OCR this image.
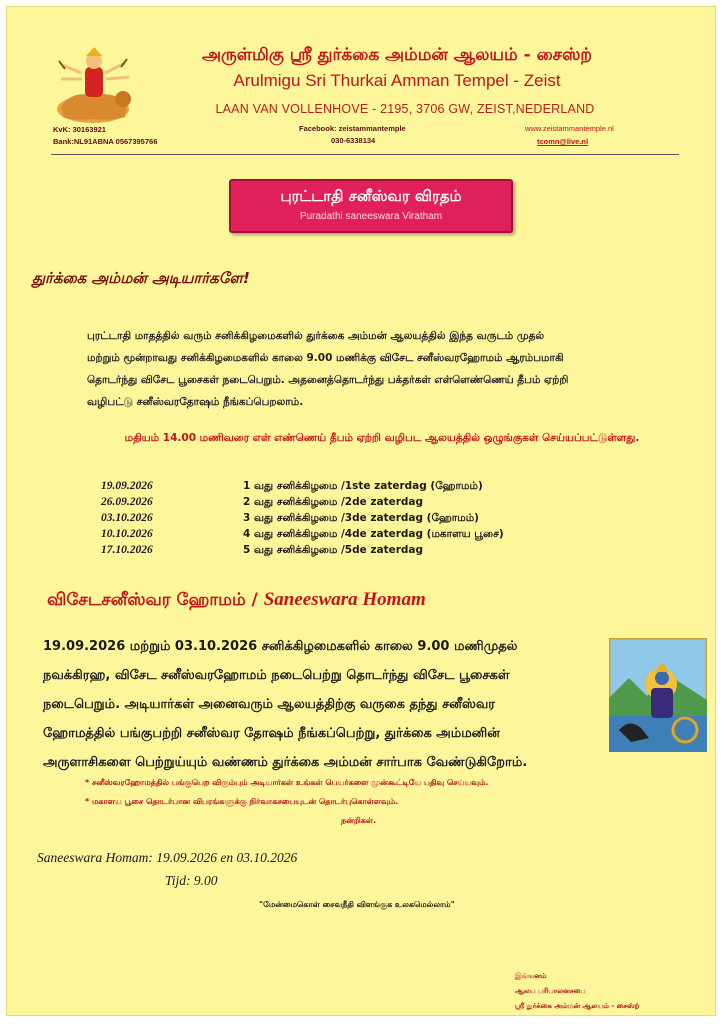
அருள்மிகு ஸ்ரீ துர்க்கை அம்மன் ஆலயம் - சைஸ்ற்
Arulmigu Sri Thurkai Amman Tempel - Zeist
LAAN VAN VOLLENHOVE - 2195, 3706 GW, ZEIST,NEDERLAND
KvK: 30163921
Bank:NL91ABNA 0567395766
Facebook: zeistammantemple
030-6338134
www.zeistammantemple.nl
tcomn@live.nl
புரட்டாதி சனீஸ்வர விரதம்
Puradathi saneeswara Viratham
துர்க்கை அம்மன் அடியார்களே!
புரட்டாதி மாதத்தில் வரும் சனிக்கிழமைகளில் துர்க்கை அம்மன் ஆலயத்தில் இந்த வருடம் முதல்
மற்றும் மூன்றாவது சனிக்கிழமைகளில் காலை 9.00 மணிக்கு விசேட சனீஸ்வரஹோமம் ஆரம்பமாகி
தொடர்ந்து விசேட பூசைகள் நடைபெறும். அதனைத்தொடர்ந்து பக்தர்கள் எள்ளெண்ணெய் தீபம் ஏற்றி
வழிபட்டு சனீஸ்வரதோஷம் நீங்கப்பெறலாம்.
மதியம் 14.00 மணிவரை எள் எண்ணெய் தீபம் ஏற்றி வழிபட ஆலயத்தில் ஒழுங்குகள் செய்யப்பட்டுள்ளது.
19.09.2026	1 வது சனிக்கிழமை /1ste zaterdag (ஹோமம்)
26.09.2026	2 வது சனிக்கிழமை /2de zaterdag
03.10.2026	3 வது சனிக்கிழமை /3de zaterdag (ஹோமம்)
10.10.2026	4 வது சனிக்கிழமை /4de zaterdag (மகாளய பூசை)
17.10.2026	5 வது சனிக்கிழமை /5de zaterdag
விசேடசனீஸ்வர ஹோமம் / Saneeswara Homam
19.09.2026 மற்றும் 03.10.2026 சனிக்கிழமைகளில் காலை 9.00 மணிமுதல்
நவக்கிரஹ, விசேட சனீஸ்வரஹோமம் நடைபெற்று தொடர்ந்து விசேட பூசைகள்
நடைபெறும். அடியார்கள் அனைவரும் ஆலயத்திற்கு வருகை தந்து சனீஸ்வர
ஹோமத்தில் பங்குபற்றி சனீஸ்வர தோஷம் நீங்கப்பெற்று, துர்க்கை அம்மனின்
அருளாசிகளை பெற்றுய்யும் வண்ணம் துர்க்கை அம்மன் சார்பாக வேண்டுகிறோம்.
* சனீஸ்வரஹோமத்தில் பங்குபெற விரும்பும் அடியார்கள் உங்கள் பெயர்களை முன்கூட்டியே பதிவு செய்யவும்.
* மகாளய பூசை தொடர்பான விபரங்களுக்கு நிர்வாகசபையுடன் தொடர்புகொள்ளவும்.
நன்றிகள்.
Saneeswara Homam: 19.09.2026 en 03.10.2026
Tijd: 9.00
"மேன்மைகொள் சைவநீதி விளங்குக உலகமெல்லாம்"
இங்ஙனம்
ஆலய பரிபாலனசபை
ஸ்ரீ துர்க்கை அம்மன் ஆலயம் - சைஸ்ற்
